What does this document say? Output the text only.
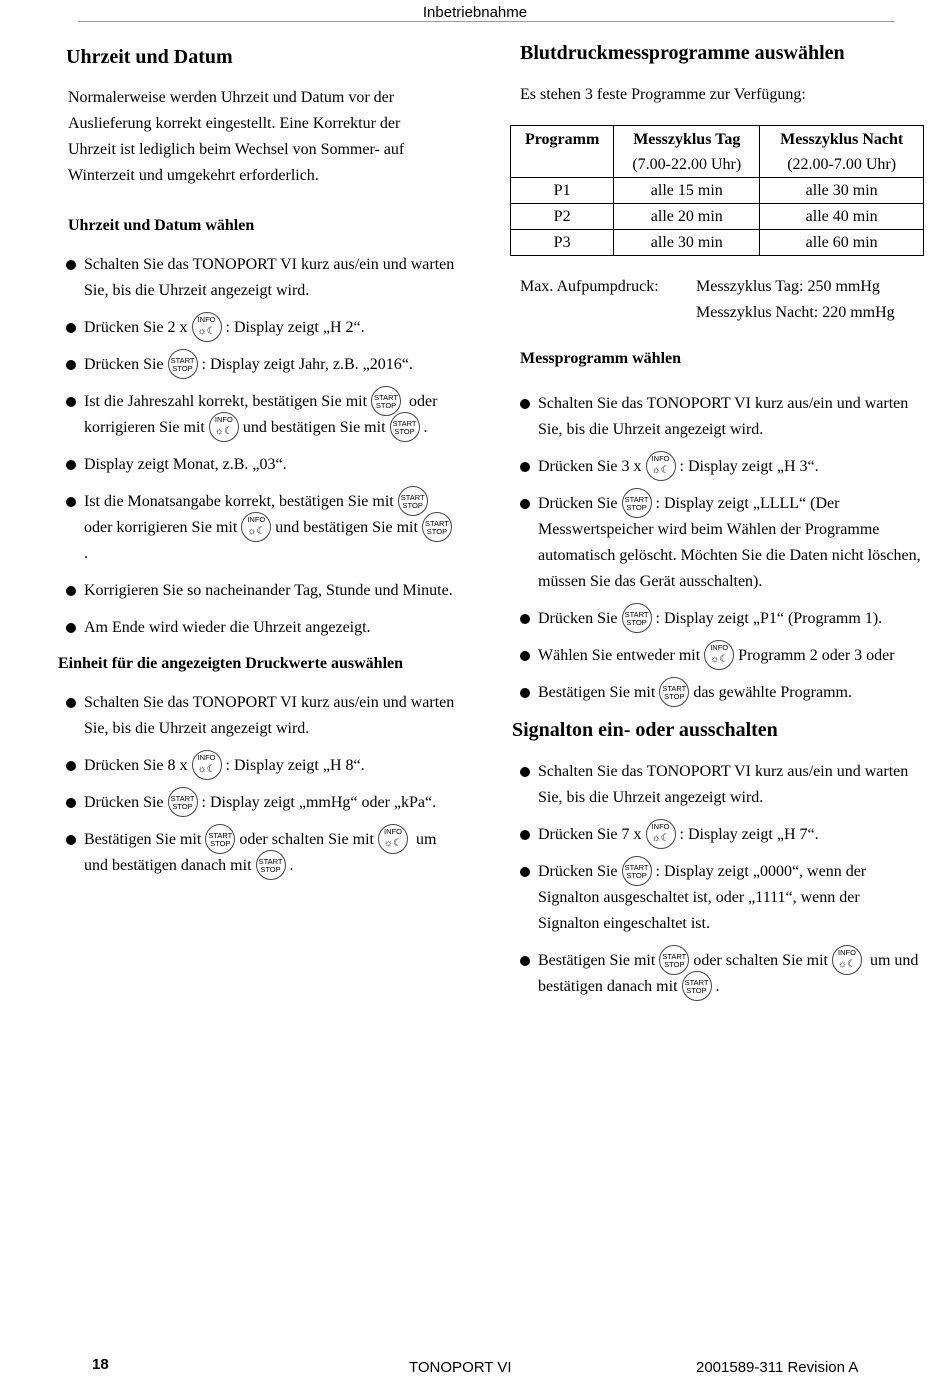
Inbetriebnahme
Uhrzeit und Datum

Normalerweise werden Uhrzeit und Datum vor der Auslieferung korrekt eingestellt. Eine Korrektur der Uhrzeit ist lediglich beim Wechsel von Sommer- auf Winterzeit und umgekehrt erforderlich.

Uhrzeit und Datum wählen
Schalten Sie das TONOPORT VI kurz aus/ein und warten Sie, bis die Uhrzeit angezeigt wird.
Drücken Sie 2 x	INFO
☼☾ : Display zeigt „H 2“.
Drücken Sie START
STOP : Display zeigt Jahr, z.B. „2016“.
Ist die Jahreszahl korrekt, bestätigen Sie mit START
STOP oder korrigieren Sie mit	INFO
☼☾ und bestätigen Sie mit START
STOP .
Display zeigt Monat, z.B. „03“.
Ist die Monatsangabe korrekt, bestätigen Sie mit START
STOP
oder korrigieren Sie mit	INFO
☼☾ und bestätigen Sie mit START
STOP
.
Korrigieren Sie so nacheinander Tag, Stunde und Minute.
Am Ende wird wieder die Uhrzeit angezeigt.
Einheit für die angezeigten Druckwerte auswählen
Schalten Sie das TONOPORT VI kurz aus/ein und warten Sie, bis die Uhrzeit angezeigt wird.
Drücken Sie 8 x	INFO
☼☾ : Display zeigt „H 8“.
Drücken Sie START
STOP : Display zeigt „mmHg“ oder „kPa“.
Bestätigen Sie mit START
STOP oder schalten Sie mit	INFO
☼☾ um und bestätigen danach mit START
STOP .
Blutdruckmessprogramme auswählen

Es stehen 3 feste Programme zur Verfügung:

Programm	Messzyklus Tag	Messzyklus Nacht
	(7.00-22.00 Uhr)	(22.00-7.00 Uhr)
P1	alle 15 min	alle 30 min
P2	alle 20 min	alle 40 min
P3	alle 30 min	alle 60 min
Max. Aufpumpdruck:	Messzyklus Tag: 250 mmHg
Messzyklus Nacht: 220 mmHg
Messprogramm wählen
Schalten Sie das TONOPORT VI kurz aus/ein und warten Sie, bis die Uhrzeit angezeigt wird.
Drücken Sie 3 x	INFO
☼☾ : Display zeigt „H 3“.
Drücken Sie START
STOP : Display zeigt „LLLL“ (Der Messwertspeicher wird beim Wählen der Programme automatisch gelöscht. Möchten Sie die Daten nicht löschen, müssen Sie das Gerät ausschalten).
Drücken Sie START
STOP : Display zeigt „P1“ (Programm 1).
Wählen Sie entweder mit	INFO
☼☾ Programm 2 oder 3 oder
Bestätigen Sie mit START
STOP das gewählte Programm.
Signalton ein- oder ausschalten
Schalten Sie das TONOPORT VI kurz aus/ein und warten Sie, bis die Uhrzeit angezeigt wird.
Drücken Sie 7 x	INFO
☼☾ : Display zeigt „H 7“.
Drücken Sie START
STOP : Display zeigt „0000“, wenn der Signalton ausgeschaltet ist, oder „1111“, wenn der Signalton eingeschaltet ist.
Bestätigen Sie mit START
STOP oder schalten Sie mit	INFO
☼☾ um und bestätigen danach mit START
STOP .
18	TONOPORT VI	2001589-311 Revision A
